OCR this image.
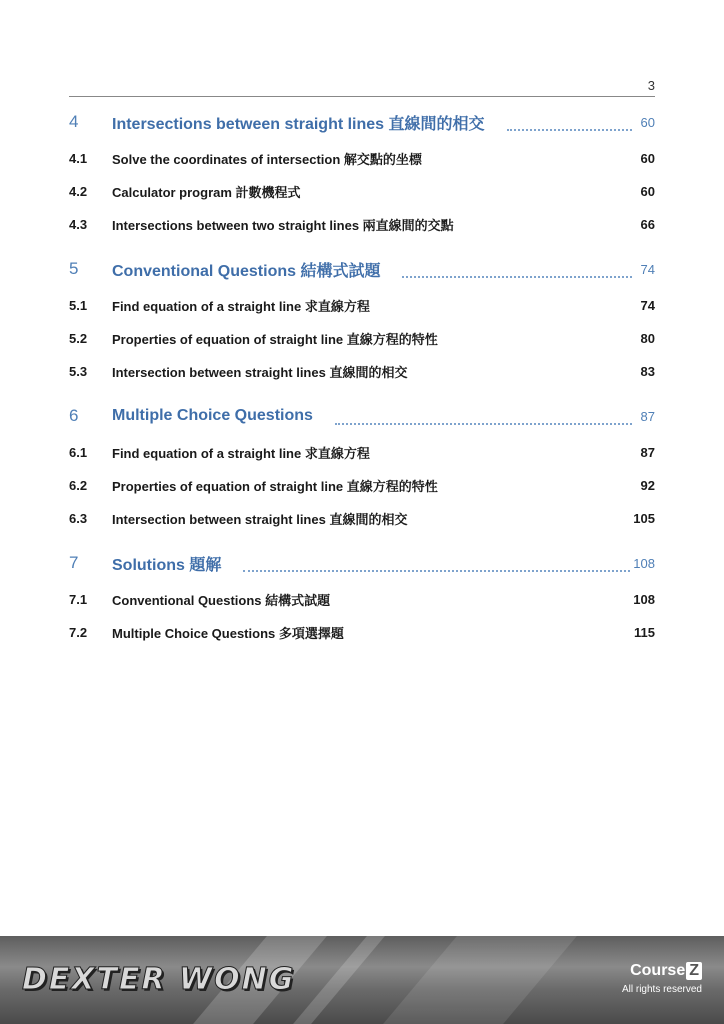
3
4	Intersections between straight lines 直線間的相交	60
4.1	Solve the coordinates of intersection 解交點的坐標	60
4.2	Calculator program 計數機程式	60
4.3	Intersections between two straight lines 兩直線間的交點	66
5	Conventional Questions 結構式試題	74
5.1	Find equation of a straight line 求直線方程	74
5.2	Properties of equation of straight line 直線方程的特性	80
5.3	Intersection between straight lines 直線間的相交	83
6	Multiple Choice Questions	87
6.1	Find equation of a straight line 求直線方程	87
6.2	Properties of equation of straight line 直線方程的特性	92
6.3	Intersection between straight lines 直線間的相交	105
7	Solutions 題解	108
7.1	Conventional Questions 結構式試題	108
7.2	Multiple Choice Questions 多項選擇題	115
DEXTER WONG	Course Z
All rights reserved
